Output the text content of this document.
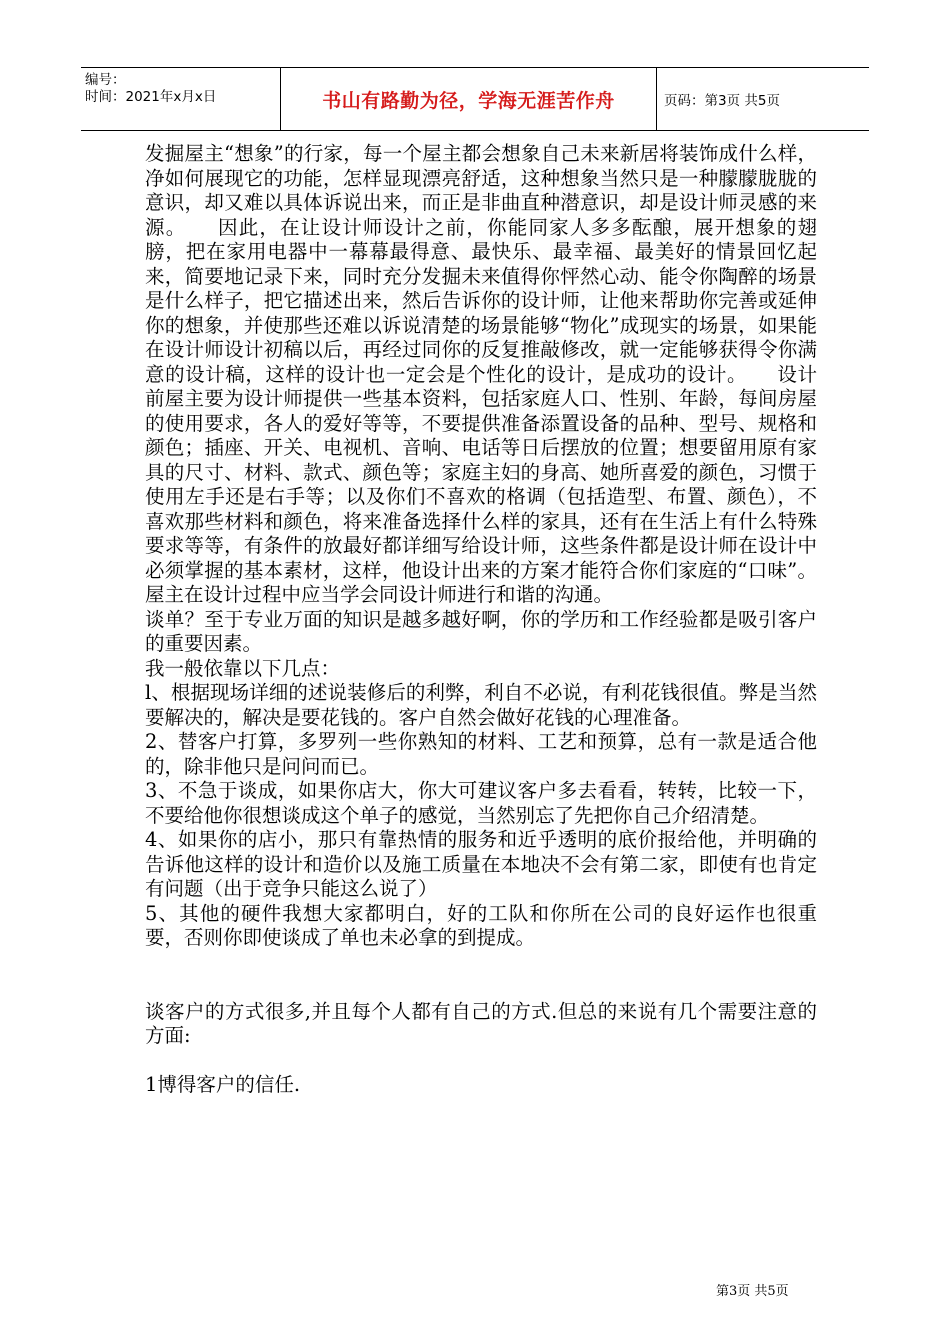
编号：
时间：2021年x月x日	书山有路勤为径，学海无涯苦作舟	页码：第3页 共5页

发掘屋主“想象”的行家，每一个屋主都会想象自己未来新居将装饰成什么样，净如何展现它的功能，怎样显现漂亮舒适，这种想象当然只是一种朦朦胧胧的意识，却又难以具体诉说出来，而正是非曲直种潜意识，却是设计师灵感的来源。　　因此，在让设计师设计之前，你能同家人多多酝酿，展开想象的翅膀，把在家用电器中一幕幕最得意、最快乐、最幸福、最美好的情景回忆起来，简要地记录下来，同时充分发掘未来值得你怦然心动、能令你陶醉的场景是什么样子，把它描述出来，然后告诉你的设计师，让他来帮助你完善或延伸你的想象，并使那些还难以诉说清楚的场景能够“物化”成现实的场景，如果能在设计师设计初稿以后，再经过同你的反复推敲修改，就一定能够获得令你满意的设计稿，这样的设计也一定会是个性化的设计，是成功的设计。　　设计前屋主要为设计师提供一些基本资料，包括家庭人口、性别、年龄，每间房屋的使用要求，各人的爱好等等，不要提供准备添置设备的品种、型号、规格和颜色；插座、开关、电视机、音响、电话等日后摆放的位置；想要留用原有家具的尺寸、材料、款式、颜色等；家庭主妇的身高、她所喜爱的颜色，习惯于使用左手还是右手等；以及你们不喜欢的格调（包括造型、布置、颜色），不喜欢那些材料和颜色，将来准备选择什么样的家具，还有在生活上有什么特殊要求等等，有条件的放最好都详细写给设计师，这些条件都是设计师在设计中必须掌握的基本素材，这样，他设计出来的方案才能符合你们家庭的“口味”。屋主在设计过程中应当学会同设计师进行和谐的沟通。

谈单？至于专业万面的知识是越多越好啊，你的学历和工作经验都是吸引客户的重要因素。

我一般依靠以下几点：

l、根据现场详细的述说装修后的利弊，利自不必说，有利花钱很值。弊是当然要解决的，解决是要花钱的。客户自然会做好花钱的心理准备。

2、替客户打算，多罗列一些你熟知的材料、工艺和预算，总有一款是适合他的，除非他只是问问而已。

3、不急于谈成，如果你店大，你大可建议客户多去看看，转转，比较一下，不要给他你很想谈成这个单子的感觉，当然别忘了先把你自己介绍清楚。

4、如果你的店小，那只有靠热情的服务和近乎透明的底价报给他，并明确的告诉他这样的设计和造价以及施工质量在本地决不会有第二家，即使有也肯定有问题（出于竞争只能这么说了）

5、其他的硬件我想大家都明白，好的工队和你所在公司的良好运作也很重要，否则你即使谈成了单也未必拿的到提成。

谈客户的方式很多,并且每个人都有自己的方式.但总的来说有几个需要注意的方面:

1博得客户的信任.

第3页 共5页
